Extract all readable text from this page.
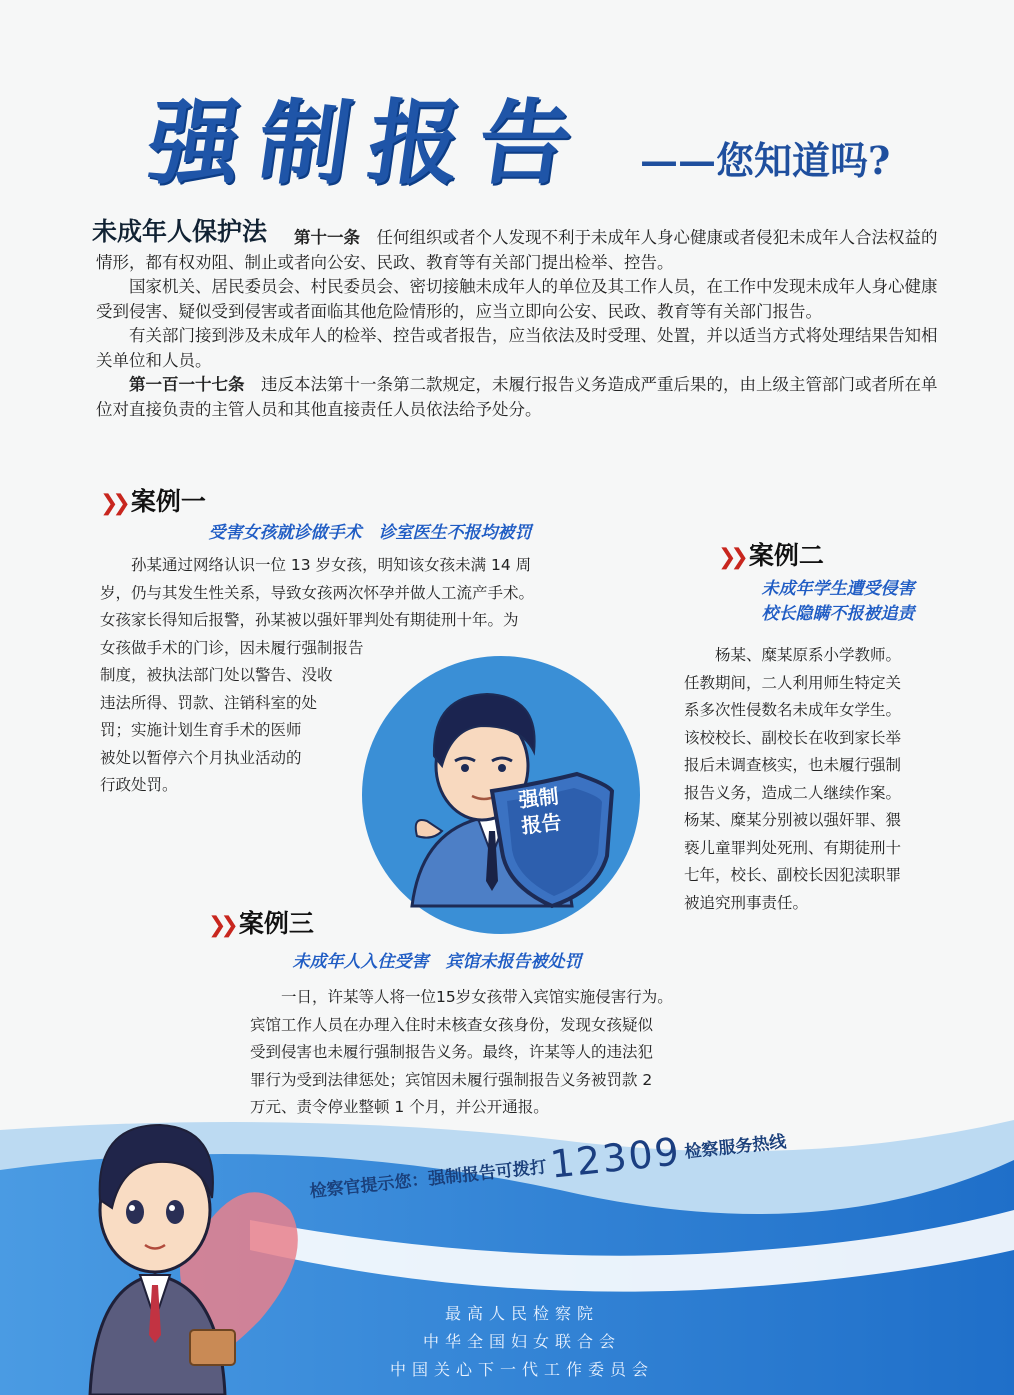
强制报告 ——您知道吗?
未成年人保护法	第十一条　 任何组织或者个人发现不利于未成年人身心健康或者侵犯未成年人合法权益的情形，都有权劝阻、制止或者向公安、民政、教育等有关部门提出检举、控告。

国家机关、居民委员会、村民委员会、密切接触未成年人的单位及其工作人员，在工作中发现未成年人身心健康受到侵害、疑似受到侵害或者面临其他危险情形的，应当立即向公安、民政、教育等有关部门报告。

有关部门接到涉及未成年人的检举、控告或者报告，应当依法及时受理、处置，并以适当方式将处理结果告知相关单位和人员。

第一百一十七条　 违反本法第十一条第二款规定，未履行报告义务造成严重后果的，由上级主管部门或者所在单位对直接负责的主管人员和其他直接责任人员依法给予处分。

❯❯ 案例一
受害女孩就诊做手术　诊室医生不报均被罚
孙某通过网络认识一位 13 岁女孩，明知该女孩未满 14 周
岁，仍与其发生性关系，导致女孩两次怀孕并做人工流产手术。
女孩家长得知后报警，孙某被以强奸罪判处有期徒刑十年。为
女孩做手术的门诊，因未履行强制报告
制度，被执法部门处以警告、没收
违法所得、罚款、注销科室的处
罚；实施计划生育手术的医师
被处以暂停六个月执业活动的
行政处罚。	强制
报告
❯❯ 案例二
未成年学生遭受侵害
校长隐瞒不报被追责
杨某、糜某原系小学教师。
任教期间，二人利用师生特定关
系多次性侵数名未成年女学生。
该校校长、副校长在收到家长举
报后未调查核实，也未履行强制
报告义务，造成二人继续作案。
杨某、糜某分别被以强奸罪、猥
亵儿童罪判处死刑、有期徒刑十
七年，校长、副校长因犯渎职罪
被追究刑事责任。
❯❯ 案例三
未成年人入住受害　宾馆未报告被处罚
一日，许某等人将一位15岁女孩带入宾馆实施侵害行为。
宾馆工作人员在办理入住时未核查女孩身份，发现女孩疑似
受到侵害也未履行强制报告义务。最终，许某等人的违法犯
罪行为受到法律惩处；宾馆因未履行强制报告义务被罚款 2
万元、责令停业整顿 1 个月，并公开通报。
检察官提示您：强制报告可拨打12309检察服务热线
最高人民检察院
中华全国妇女联合会
中国关心下一代工作委员会
